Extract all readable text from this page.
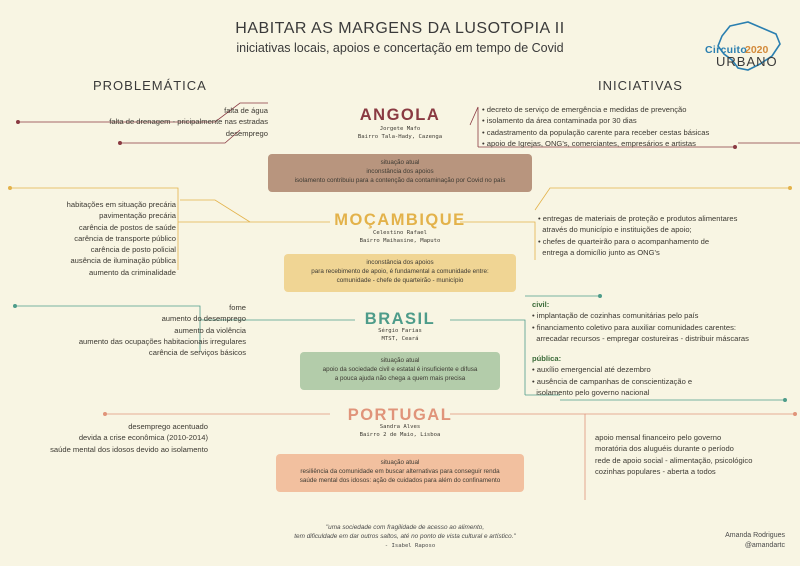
HABITAR AS MARGENS DA LUSOTOPIA II
iniciativas locais, apoios e concertação em tempo de Covid	Circuito
2020
URBANO
PROBLEMÁTICA	INICIATIVAS
falta de água
falta de drenagem - pricipalmente nas estradas
desemprego
ANGOLA
Jorgete Mafo
Bairro Tala-Hady, Cazenga
• decreto de serviço de emergência e medidas de prevenção
• isolamento da área contaminada por 30 dias
• cadastramento da população carente para receber cestas básicas
• apoio de Igrejas, ONG's, comerciantes, empresários e artistas
situação atual
inconstância dos apoios
isolamento contribuiu para a contenção da contaminação por Covid no país
habitações em situação precária
pavimentação precária
carência de postos de saúde
carência de transporte público
carência de posto policial
ausência de iluminação pública
aumento da criminalidade
MOÇAMBIQUE
Celestino Rafael
Bairro Maihasine, Maputo
• entregas de materiais de proteção e produtos alimentares
através do município e instituições de apoio;
• chefes de quarteirão para o acompanhamento de
entrega a domicílio junto as ONG's
inconstância dos apoios
para recebimento de apoio, é fundamental a comunidade entre:
comunidade - chefe de quarteirão - município
fome
aumento do desemprego
aumento da violência
aumento das ocupações habitacionais irregulares
carência de serviços básicos
BRASIL
Sérgio Farias
MTST, Ceará
civil:
• implantação de cozinhas comunitárias pelo país
• financiamento coletivo para auxiliar comunidades carentes:
arrecadar recursos - empregar costureiras - distribuir máscaras
pública:
• auxílio emergencial até dezembro
• ausência de campanhas de conscientização e
isolamento pelo governo nacional
situação atual
apoio da sociedade civil e estatal é insuficiente e difusa
a pouca ajuda não chega a quem mais precisa
desemprego acentuado
devida a crise econômica (2010-2014)
saúde mental dos idosos devido ao isolamento
PORTUGAL
Sandra Alves
Bairro 2 de Maio, Lisboa	apoio mensal financeiro pelo governo
moratória dos aluguéis durante o período
rede de apoio social - alimentação, psicológico
cozinhas populares - aberta a todos
situação atual
resiliência da comunidade em buscar alternativas para conseguir renda
saúde mental dos idosos: ação de cuidados para além do confinamento
"uma sociedade com fragilidade de acesso ao alimento,
tem dificuldade em dar outros saltos, até no ponto de vista cultural e artístico."
- Isabel Raposo
Amanda Rodrigues
@amandartc
